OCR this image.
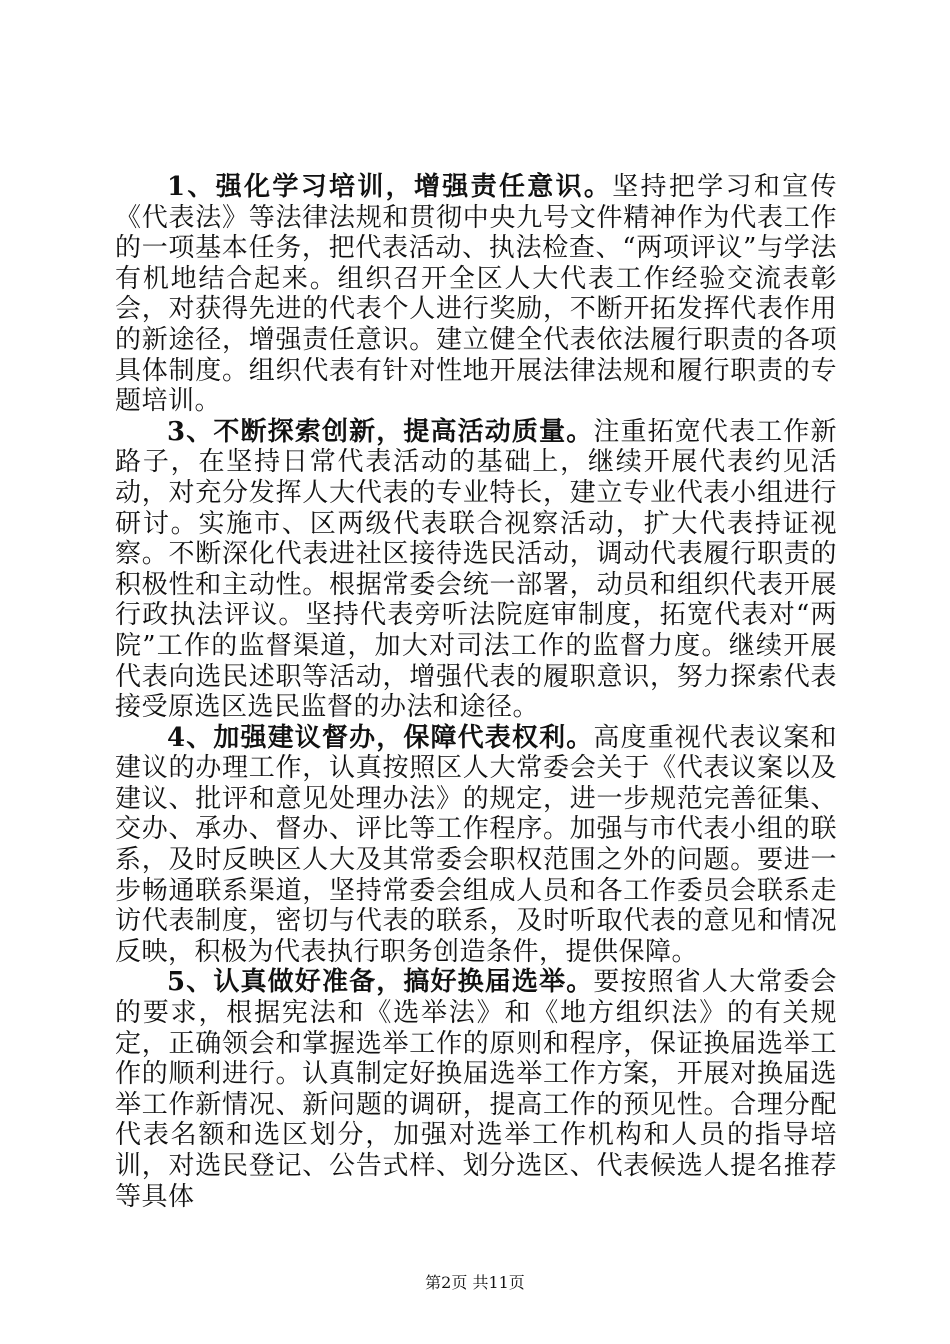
1、强化学习培训，增强责任意识。坚持把学习和宣传《代表法》等法律法规和贯彻中央九号文件精神作为代表工作的一项基本任务，把代表活动、执法检查、“两项评议”与学法有机地结合起来。组织召开全区人大代表工作经验交流表彰会，对获得先进的代表个人进行奖励，不断开拓发挥代表作用的新途径，增强责任意识。建立健全代表依法履行职责的各项具体制度。组织代表有针对性地开展法律法规和履行职责的专题培训。

3、不断探索创新，提高活动质量。注重拓宽代表工作新路子，在坚持日常代表活动的基础上，继续开展代表约见活动，对充分发挥人大代表的专业特长，建立专业代表小组进行研讨。实施市、区两级代表联合视察活动，扩大代表持证视察。不断深化代表进社区接待选民活动，调动代表履行职责的积极性和主动性。根据常委会统一部署，动员和组织代表开展行政执法评议。坚持代表旁听法院庭审制度，拓宽代表对“两院”工作的监督渠道，加大对司法工作的监督力度。继续开展代表向选民述职等活动，增强代表的履职意识，努力探索代表接受原选区选民监督的办法和途径。

4、加强建议督办，保障代表权利。高度重视代表议案和建议的办理工作，认真按照区人大常委会关于《代表议案以及建议、批评和意见处理办法》的规定，进一步规范完善征集、交办、承办、督办、评比等工作程序。加强与市代表小组的联系，及时反映区人大及其常委会职权范围之外的问题。要进一步畅通联系渠道，坚持常委会组成人员和各工作委员会联系走访代表制度，密切与代表的联系，及时听取代表的意见和情况反映，积极为代表执行职务创造条件，提供保障。

5、认真做好准备，搞好换届选举。要按照省人大常委会的要求，根据宪法和《选举法》和《地方组织法》的有关规定，正确领会和掌握选举工作的原则和程序，保证换届选举工作的顺利进行。认真制定好换届选举工作方案，开展对换届选举工作新情况、新问题的调研，提高工作的预见性。合理分配代表名额和选区划分，加强对选举工作机构和人员的指导培训，对选民登记、公告式样、划分选区、代表候选人提名推荐等具体

第2页 共11页
